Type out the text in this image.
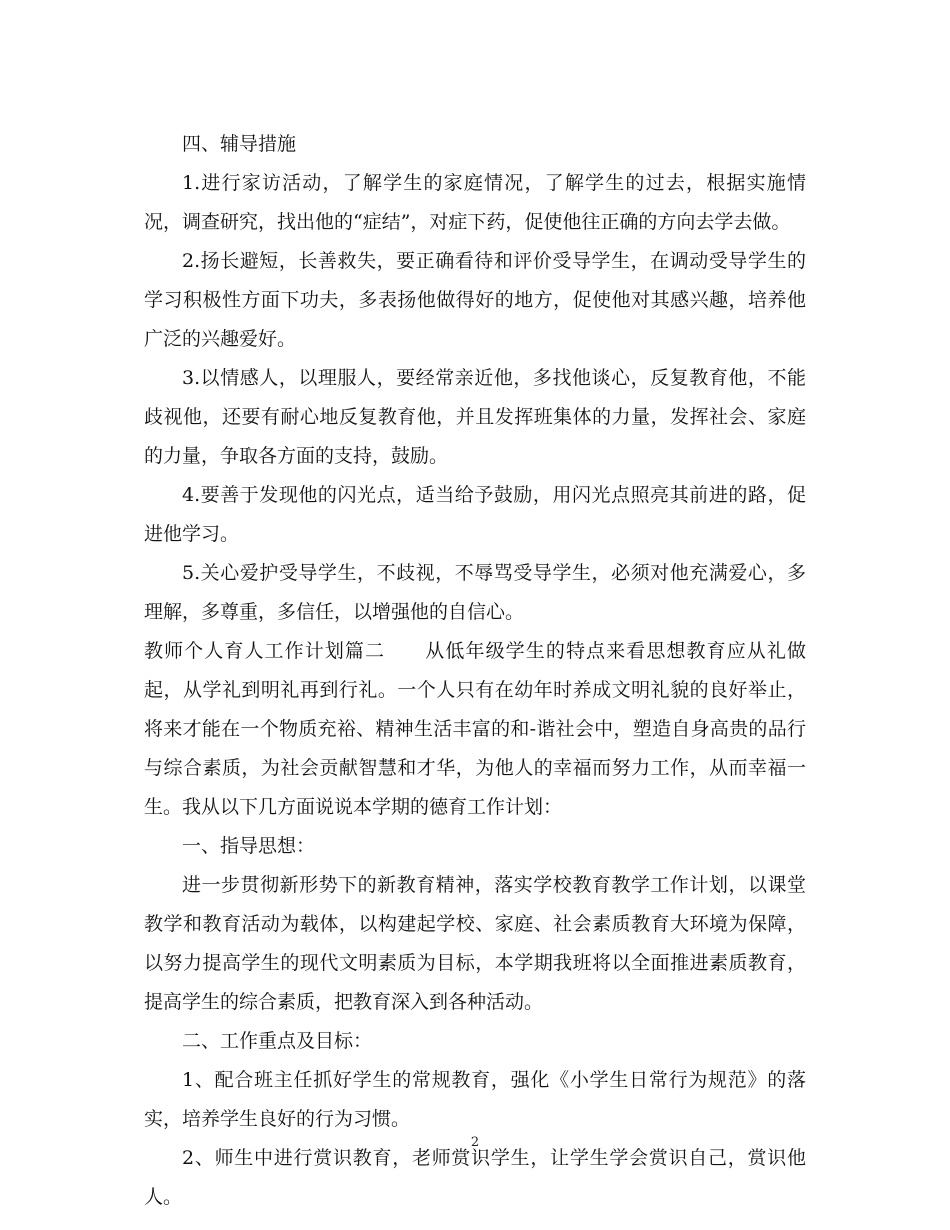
四、辅导措施

1.进行家访活动，了解学生的家庭情况，了解学生的过去，根据实施情况，调查研究，找出他的“症结”，对症下药，促使他往正确的方向去学去做。

2.扬长避短，长善救失，要正确看待和评价受导学生，在调动受导学生的学习积极性方面下功夫，多表扬他做得好的地方，促使他对其感兴趣，培养他广泛的兴趣爱好。

3.以情感人，以理服人，要经常亲近他，多找他谈心，反复教育他，不能歧视他，还要有耐心地反复教育他，并且发挥班集体的力量，发挥社会、家庭的力量，争取各方面的支持，鼓励。

4.要善于发现他的闪光点，适当给予鼓励，用闪光点照亮其前进的路，促进他学习。

5.关心爱护受导学生，不歧视，不辱骂受导学生，必须对他充满爱心，多理解，多尊重，多信任，以增强他的自信心。

教师个人育人工作计划篇二　　从低年级学生的特点来看思想教育应从礼做起，从学礼到明礼再到行礼。一个人只有在幼年时养成文明礼貌的良好举止，将来才能在一个物质充裕、精神生活丰富的和-谐社会中，塑造自身高贵的品行与综合素质，为社会贡献智慧和才华，为他人的幸福而努力工作，从而幸福一生。我从以下几方面说说本学期的德育工作计划：

一、指导思想：

进一步贯彻新形势下的新教育精神，落实学校教育教学工作计划，以课堂教学和教育活动为载体，以构建起学校、家庭、社会素质教育大环境为保障，以努力提高学生的现代文明素质为目标，本学期我班将以全面推进素质教育，提高学生的综合素质，把教育深入到各种活动。

二、工作重点及目标：

1、配合班主任抓好学生的常规教育，强化《小学生日常行为规范》的落实，培养学生良好的行为习惯。

2、师生中进行赏识教育，老师赏识学生，让学生学会赏识自己，赏识他人。

2
